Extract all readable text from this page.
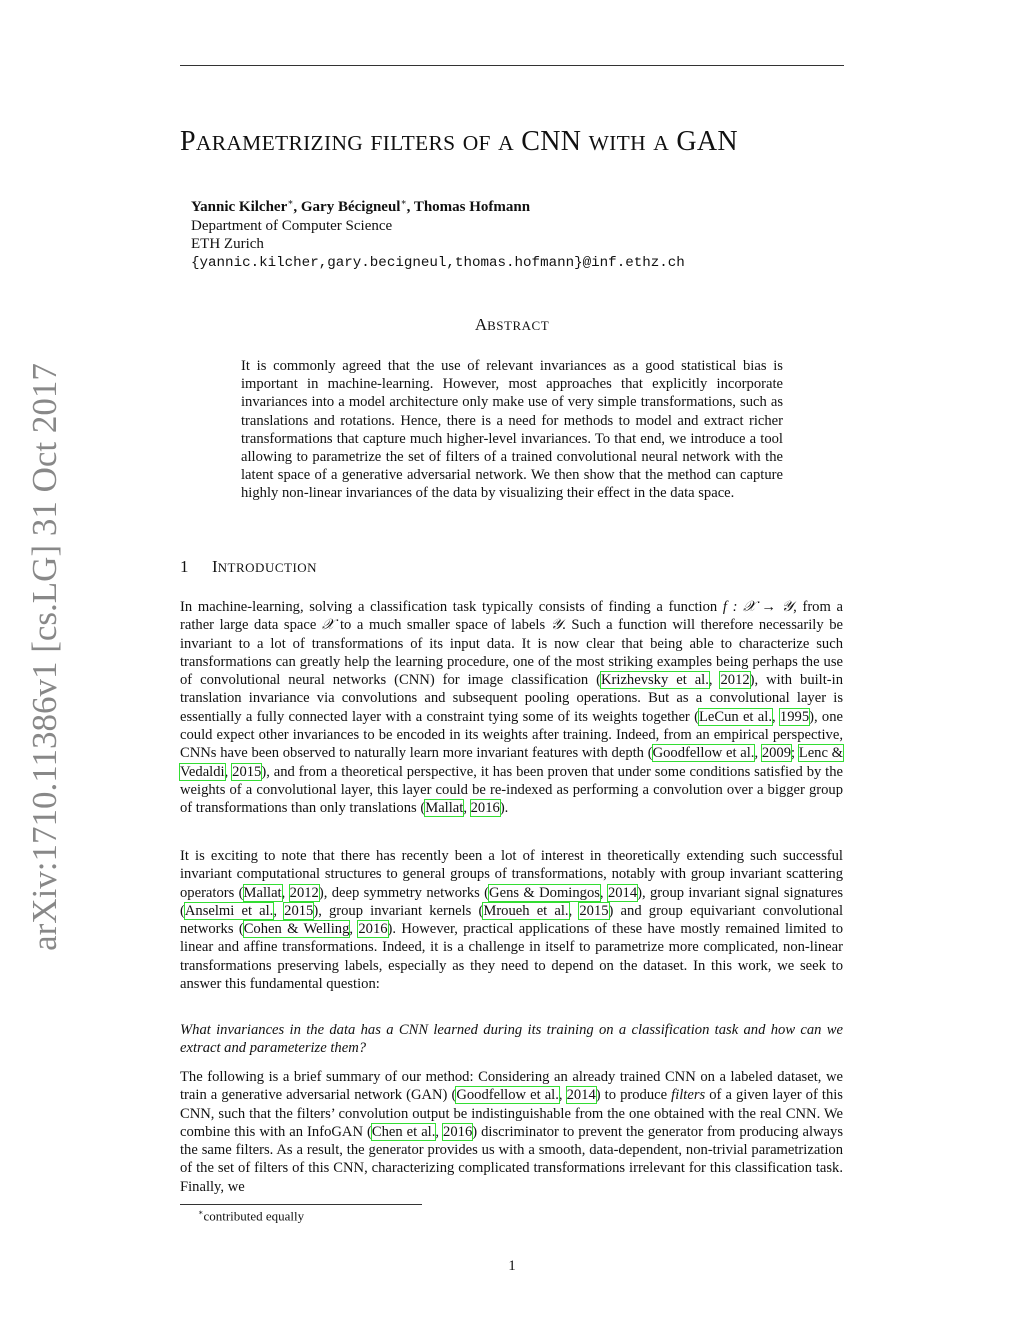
arXiv:1710.11386v1 [cs.LG] 31 Oct 2017
PARAMETRIZING FILTERS OF A CNN WITH A GAN
Yannic Kilcher∗, Gary Bécigneul∗, Thomas Hofmann
Department of Computer Science
ETH Zurich
{yannic.kilcher,gary.becigneul,thomas.hofmann}@inf.ethz.ch
ABSTRACT
It is commonly agreed that the use of relevant invariances as a good statistical bias is important in machine-learning. However, most approaches that explicitly incorporate invariances into a model architecture only make use of very simple transformations, such as translations and rotations. Hence, there is a need for methods to model and extract richer transformations that capture much higher-level invariances. To that end, we introduce a tool allowing to parametrize the set of filters of a trained convolutional neural network with the latent space of a generative adversarial network. We then show that the method can capture highly non-linear invariances of the data by visualizing their effect in the data space.
1 INTRODUCTION
In machine-learning, solving a classification task typically consists of finding a function f : 𝒳 → 𝒴, from a rather large data space 𝒳 to a much smaller space of labels 𝒴. Such a function will therefore necessarily be invariant to a lot of transformations of its input data. It is now clear that being able to characterize such transformations can greatly help the learning procedure, one of the most striking examples being perhaps the use of convolutional neural networks (CNN) for image classification (Krizhevsky et al., 2012), with built-in translation invariance via convolutions and subsequent pooling operations. But as a convolutional layer is essentially a fully connected layer with a constraint tying some of its weights together (LeCun et al., 1995), one could expect other invariances to be encoded in its weights after training. Indeed, from an empirical perspective, CNNs have been observed to naturally learn more invariant features with depth (Goodfellow et al., 2009; Lenc & Vedaldi, 2015), and from a theoretical perspective, it has been proven that under some conditions satisfied by the weights of a convolutional layer, this layer could be re-indexed as performing a convolution over a bigger group of transformations than only translations (Mallat, 2016).
It is exciting to note that there has recently been a lot of interest in theoretically extending such successful invariant computational structures to general groups of transformations, notably with group invariant scattering operators (Mallat, 2012), deep symmetry networks (Gens & Domingos, 2014), group invariant signal signatures (Anselmi et al., 2015), group invariant kernels (Mroueh et al., 2015) and group equivariant convolutional networks (Cohen & Welling, 2016). However, practical applications of these have mostly remained limited to linear and affine transformations. Indeed, it is a challenge in itself to parametrize more complicated, non-linear transformations preserving labels, especially as they need to depend on the dataset. In this work, we seek to answer this fundamental question:
What invariances in the data has a CNN learned during its training on a classification task and how can we extract and parameterize them?
The following is a brief summary of our method: Considering an already trained CNN on a labeled dataset, we train a generative adversarial network (GAN) (Goodfellow et al., 2014) to produce filters of a given layer of this CNN, such that the filters’ convolution output be indistinguishable from the one obtained with the real CNN. We combine this with an InfoGAN (Chen et al., 2016) discriminator to prevent the generator from producing always the same filters. As a result, the generator provides us with a smooth, data-dependent, non-trivial parametrization of the set of filters of this CNN, characterizing complicated transformations irrelevant for this classification task. Finally, we
∗contributed equally
1
